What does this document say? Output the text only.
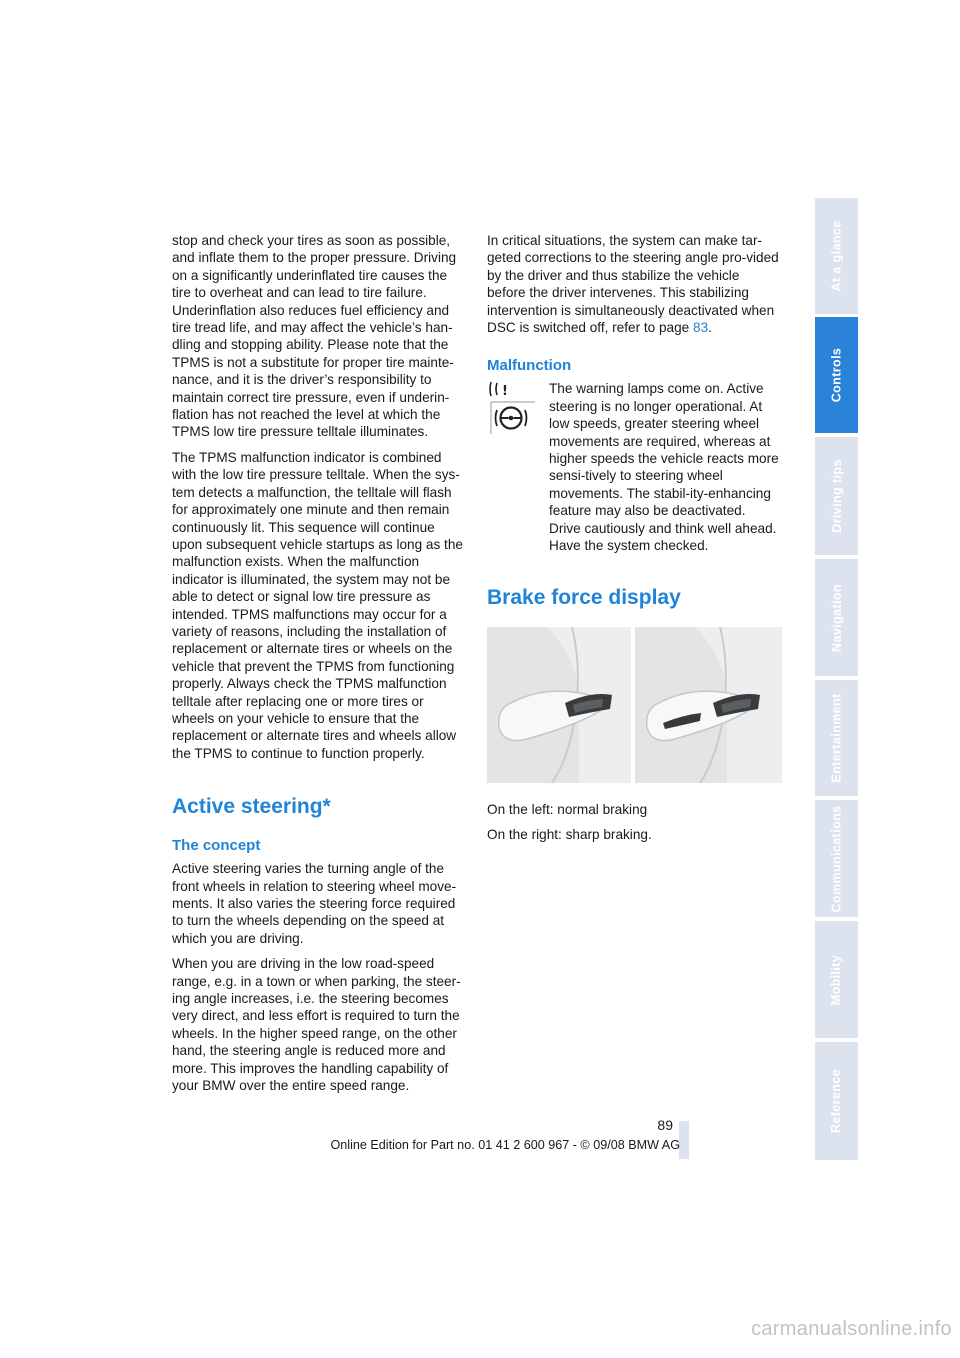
stop and check your tires as soon as possible, and inflate them to the proper pressure. Driving on a significantly underinflated tire causes the tire to overheat and can lead to tire failure. Underinflation also reduces fuel efficiency and tire tread life, and may affect the vehicle’s han-dling and stopping ability. Please note that the TPMS is not a substitute for proper tire mainte-nance, and it is the driver’s responsibility to maintain correct tire pressure, even if underin-flation has not reached the level at which the TPMS low tire pressure telltale illuminates.

The TPMS malfunction indicator is combined with the low tire pressure telltale. When the sys-tem detects a malfunction, the telltale will flash for approximately one minute and then remain continuously lit. This sequence will continue upon subsequent vehicle startups as long as the malfunction exists. When the malfunction indicator is illuminated, the system may not be able to detect or signal low tire pressure as intended. TPMS malfunctions may occur for a variety of reasons, including the installation of replacement or alternate tires or wheels on the vehicle that prevent the TPMS from functioning properly. Always check the TPMS malfunction telltale after replacing one or more tires or wheels on your vehicle to ensure that the replacement or alternate tires and wheels allow the TPMS to continue to function properly.

Active steering*
The concept

Active steering varies the turning angle of the front wheels in relation to steering wheel move-ments. It also varies the steering force required to turn the wheels depending on the speed at which you are driving.

When you are driving in the low road-speed range, e.g. in a town or when parking, the steer-ing angle increases, i.e. the steering becomes very direct, and less effort is required to turn the wheels. In the higher speed range, on the other hand, the steering angle is reduced more and more. This improves the handling capability of your BMW over the entire speed range.

In critical situations, the system can make tar-geted corrections to the steering angle pro-vided by the driver and thus stabilize the vehicle before the driver intervenes. This stabilizing intervention is simultaneously deactivated when DSC is switched off, refer to page 83.

Malfunction
!	The warning lamps come on. Active steering is no longer operational. At low speeds, greater steering wheel movements are required, whereas at higher speeds the vehicle reacts more sensi-tively to steering wheel movements. The stabil-ity-enhancing feature may also be deactivated. Drive cautiously and think well ahead. Have the system checked.

Brake force display

On the left: normal braking

On the right: sharp braking.

At a glance
Controls
Driving tips
Navigation
Entertainment
Communications
Mobility
Reference
89
Online Edition for Part no. 01 41 2 600 967 - © 09/08 BMW AG
carmanualsonline.info
